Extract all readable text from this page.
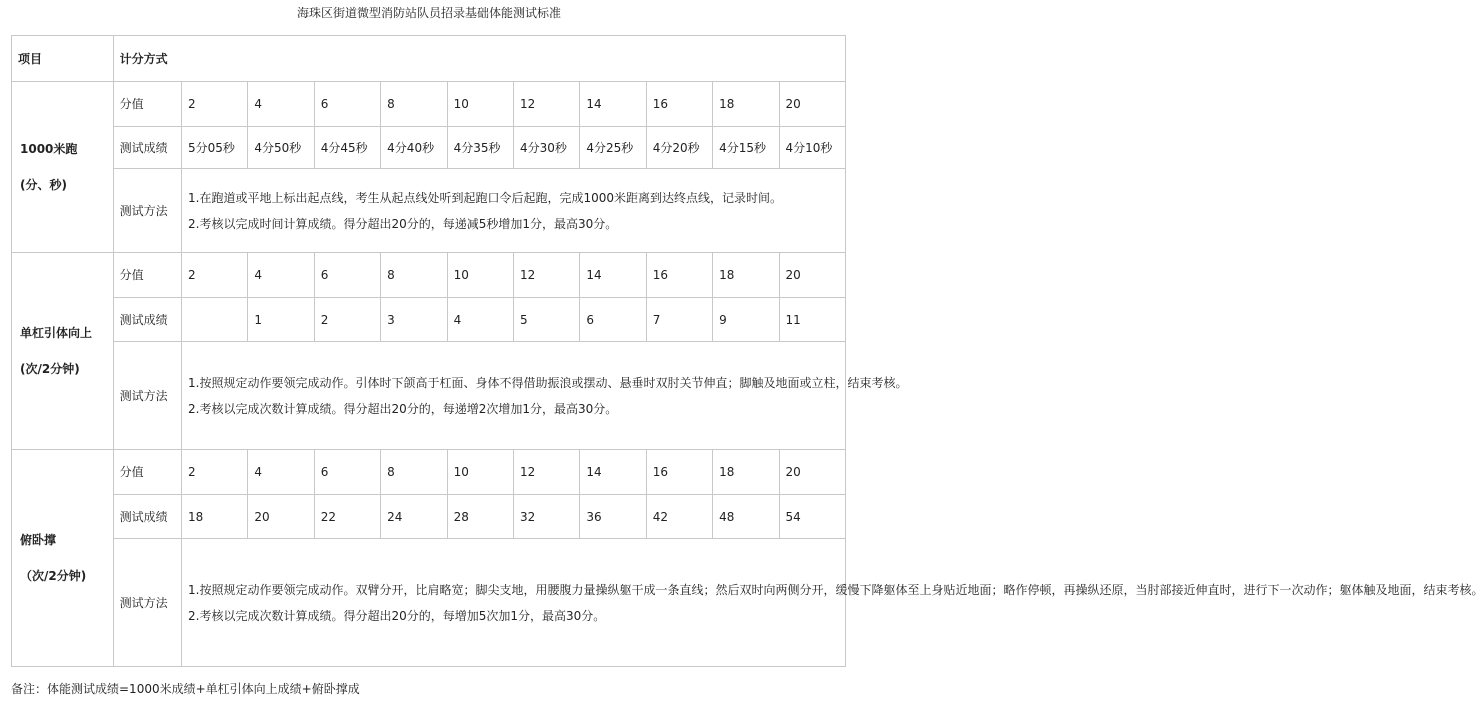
海珠区街道微型消防站队员招录基础体能测试标准
项目	计分方式										

1000米跑
(分、秒)	分值	2	4	6	8	10	12	14	16	18	20
	测试成绩	5分05秒	4分50秒	4分45秒	4分40秒	4分35秒	4分30秒	4分25秒	4分20秒	4分15秒	4分10秒
	测试方法	1.在跑道或平地上标出起点线，考生从起点线处听到起跑口令后起跑，完成1000米距离到达终点线，记录时间。

2.考核以完成时间计算成绩。得分超出20分的，每递减5秒增加1分，最高30分。									

单杠引体向上
(次/2分钟)	分值	2	4	6	8	10	12	14	16	18	20
	测试成绩		1	2	3	4	5	6	7	9	11
	测试方法	1.按照规定动作要领完成动作。引体时下颌高于杠面、身体不得借助振浪或摆动、悬垂时双肘关节伸直；脚触及地面或立柱，结束考核。

2.考核以完成次数计算成绩。得分超出20分的，每递增2次增加1分，最高30分。									

俯卧撑
（次/2分钟)	分值	2	4	6	8	10	12	14	16	18	20
	测试成绩	18	20	22	24	28	32	36	42	48	54
	测试方法	1.按照规定动作要领完成动作。双臂分开，比肩略宽；脚尖支地，用腰腹力量操纵躯干成一条直线；然后双时向两侧分开，缓慢下降躯体至上身贴近地面；略作停顿，再操纵还原，当肘部接近伸直时，进行下一次动作；躯体触及地面，结束考核。

2.考核以完成次数计算成绩。得分超出20分的，每增加5次加1分，最高30分。									

备注：体能测试成绩=1000米成绩+单杠引体向上成绩+俯卧撑成
